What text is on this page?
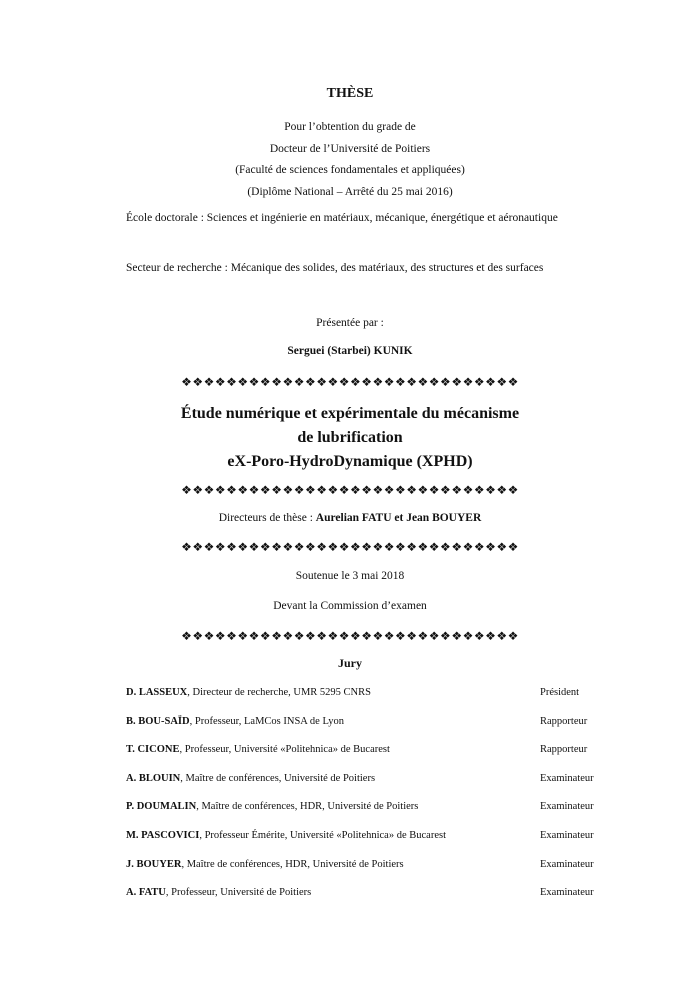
THÈSE
Pour l’obtention du grade de
Docteur de l’Université de Poitiers
(Faculté de sciences fondamentales et appliquées)
(Diplôme National – Arrêté du 25 mai 2016)
École doctorale : Sciences et ingénierie en matériaux, mécanique, énergétique et aéronautique
Secteur de recherche : Mécanique des solides, des matériaux, des structures et des surfaces
Présentée par :
Serguei (Starbei) KUNIK
❖❖❖❖❖❖❖❖❖❖❖❖❖❖❖❖❖❖❖❖❖❖❖❖❖❖❖❖❖❖
Étude numérique et expérimentale du mécanisme
de lubrification
eX-Poro-HydroDynamique (XPHD)
❖❖❖❖❖❖❖❖❖❖❖❖❖❖❖❖❖❖❖❖❖❖❖❖❖❖❖❖❖❖
Directeurs de thèse : Aurelian FATU et Jean BOUYER
❖❖❖❖❖❖❖❖❖❖❖❖❖❖❖❖❖❖❖❖❖❖❖❖❖❖❖❖❖❖
Soutenue le 3 mai 2018
Devant la Commission d’examen
❖❖❖❖❖❖❖❖❖❖❖❖❖❖❖❖❖❖❖❖❖❖❖❖❖❖❖❖❖❖
Jury
D. LASSEUX, Directeur de recherche, UMR 5295 CNRS	Président
B. BOU-SAÏD, Professeur, LaMCos INSA de Lyon	Rapporteur
T. CICONE, Professeur, Université «Politehnica» de Bucarest	Rapporteur
A. BLOUIN, Maître de conférences, Université de Poitiers	Examinateur
P. DOUMALIN, Maître de conférences, HDR, Université de Poitiers	Examinateur
M. PASCOVICI, Professeur Émérite, Université «Politehnica» de Bucarest	Examinateur
J. BOUYER, Maître de conférences, HDR, Université de Poitiers	Examinateur
A. FATU, Professeur, Université de Poitiers	Examinateur
